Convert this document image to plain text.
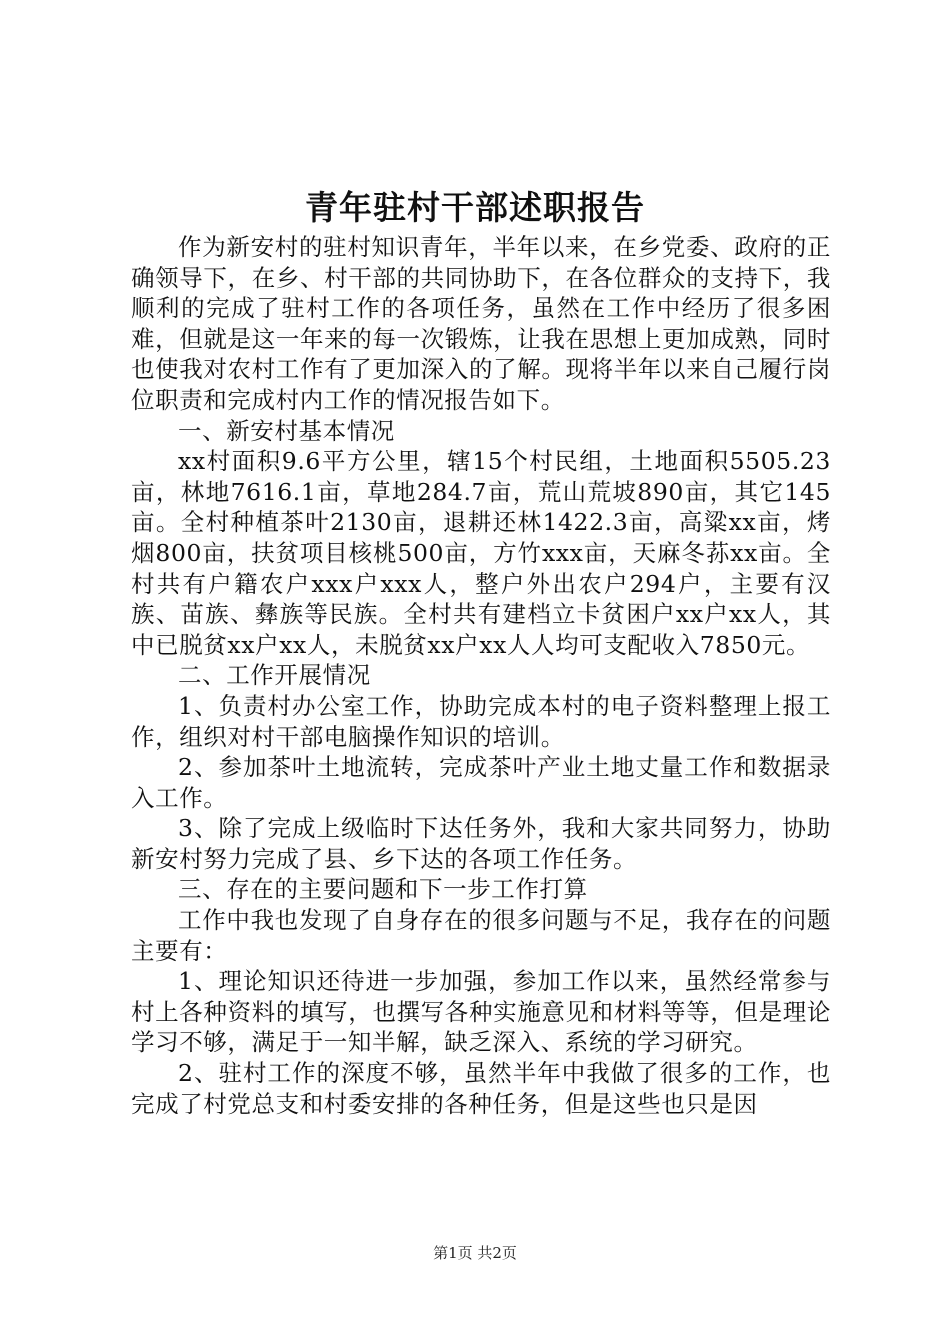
青年驻村干部述职报告

作为新安村的驻村知识青年，半年以来，在乡党委、政府的正确领导下，在乡、村干部的共同协助下，在各位群众的支持下，我顺利的完成了驻村工作的各项任务，虽然在工作中经历了很多困难，但就是这一年来的每一次锻炼，让我在思想上更加成熟，同时也使我对农村工作有了更加深入的了解。现将半年以来自己履行岗位职责和完成村内工作的情况报告如下。

一、新安村基本情况

xx村面积9.6平方公里，辖15个村民组，土地面积5505.23亩，林地7616.1亩，草地284.7亩，荒山荒坡890亩，其它145亩。全村种植茶叶2130亩，退耕还林1422.3亩，高粱xx亩，烤烟800亩，扶贫项目核桃500亩，方竹xxx亩，天麻冬荪xx亩。全村共有户籍农户xxx户xxx人，整户外出农户294户，主要有汉族、苗族、彝族等民族。全村共有建档立卡贫困户xx户xx人，其中已脱贫xx户xx人，未脱贫xx户xx人人均可支配收入7850元。

二、工作开展情况

1、负责村办公室工作，协助完成本村的电子资料整理上报工作，组织对村干部电脑操作知识的培训。

2、参加茶叶土地流转，完成茶叶产业土地丈量工作和数据录入工作。

3、除了完成上级临时下达任务外，我和大家共同努力，协助新安村努力完成了县、乡下达的各项工作任务。

三、存在的主要问题和下一步工作打算

工作中我也发现了自身存在的很多问题与不足，我存在的问题主要有：

1、理论知识还待进一步加强，参加工作以来，虽然经常参与村上各种资料的填写，也撰写各种实施意见和材料等等，但是理论学习不够，满足于一知半解，缺乏深入、系统的学习研究。

2、驻村工作的深度不够，虽然半年中我做了很多的工作，也完成了村党总支和村委安排的各种任务，但是这些也只是因

第1页 共2页
